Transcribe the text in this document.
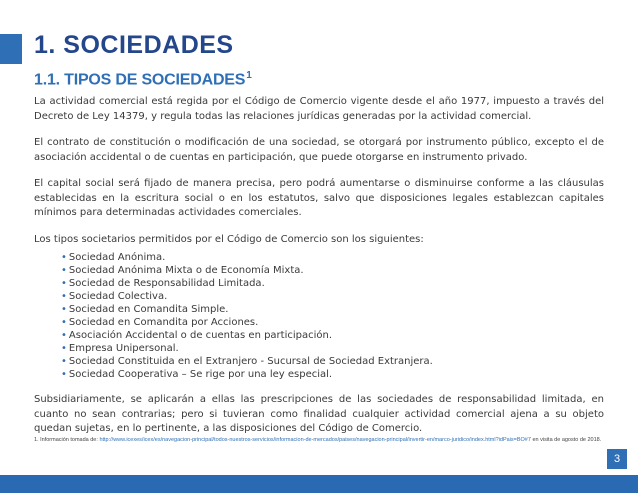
1. SOCIEDADES
1.1. TIPOS DE SOCIEDADES$^1$

La actividad comercial está regida por el Código de Comercio vigente desde el año 1977, impuesto a través del Decreto de Ley 14379, y regula todas las relaciones jurídicas generadas por la actividad comercial.

El contrato de constitución o modificación de una sociedad, se otorgará por instrumento público, excepto el de asociación accidental o de cuentas en participación, que puede otorgarse en instrumento privado.

El capital social será fijado de manera precisa, pero podrá aumentarse o disminuirse conforme a las cláusulas establecidas en la escritura social o en los estatutos, salvo que disposiciones legales establezcan capitales mínimos para determinadas actividades comerciales.

Los tipos societarios permitidos por el Código de Comercio son los siguientes:

• Sociedad Anónima.
• Sociedad Anónima Mixta o de Economía Mixta.
• Sociedad de Responsabilidad Limitada.
• Sociedad Colectiva.
• Sociedad en Comandita Simple.
• Sociedad en Comandita por Acciones.
• Asociación Accidental o de cuentas en participación.
• Empresa Unipersonal.
• Sociedad Constituida en el Extranjero - Sucursal de Sociedad Extranjera.
• Sociedad Cooperativa – Se rige por una ley especial.

Subsidiariamente, se aplicarán a ellas las prescripciones de las sociedades de responsabilidad limitada, en cuanto no sean contrarias; pero si tuvieran como finalidad cualquier actividad comercial ajena a su objeto quedan sujetas, en lo pertinente, a las disposiciones del Código de Comercio.

1. Información tomada de: http://www.icexes/icex/es/navegacion-principal/todos-nuestros-servicios/informacion-de-mercados/paises/navegacion-principal/invertir-en/marco-juridico/index.html?idPais=BO#7 en visita de agosto de 2018.
3
